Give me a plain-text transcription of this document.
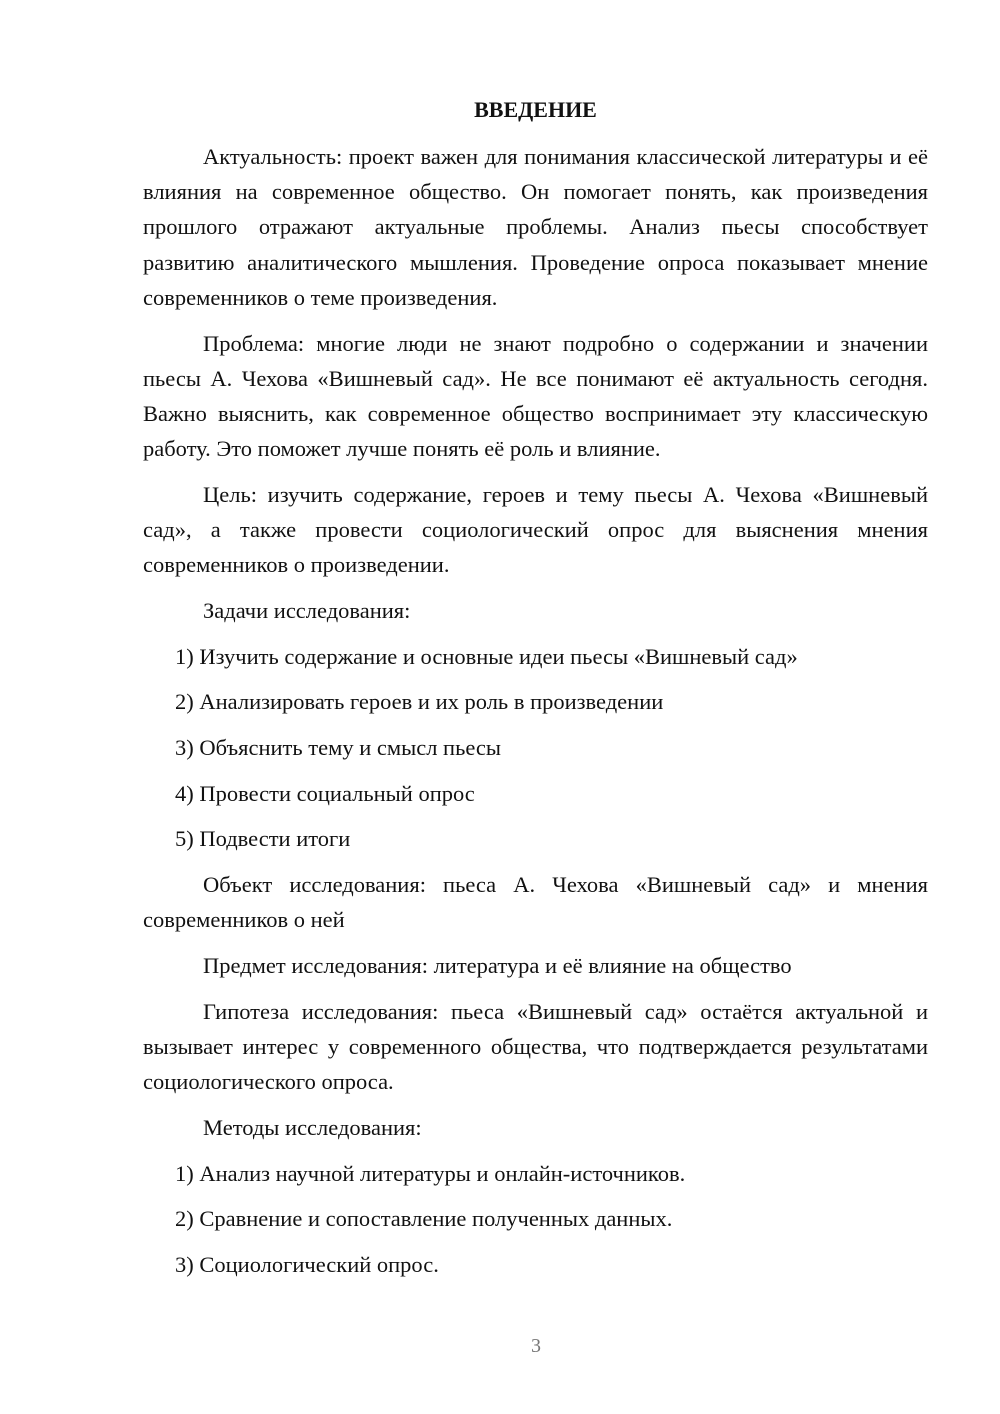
ВВЕДЕНИЕ

Актуальность: проект важен для понимания классической литературы и её влияния на современное общество. Он помогает понять, как произведения прошлого отражают актуальные проблемы. Анализ пьесы способствует развитию аналитического мышления. Проведение опроса показывает мнение современников о теме произведения.

Проблема: многие люди не знают подробно о содержании и значении пьесы А. Чехова «Вишневый сад». Не все понимают её актуальность сегодня. Важно выяснить, как современное общество воспринимает эту классическую работу. Это поможет лучше понять её роль и влияние.

Цель: изучить содержание, героев и тему пьесы А. Чехова «Вишневый сад», а также провести социологический опрос для выяснения мнения современников о произведении.

Задачи исследования:

1) Изучить содержание и основные идеи пьесы «Вишневый сад»

2) Анализировать героев и их роль в произведении

3) Объяснить тему и смысл пьесы

4) Провести социальный опрос

5) Подвести итоги

Объект исследования: пьеса А. Чехова «Вишневый сад» и мнения современников о ней

Предмет исследования: литература и её влияние на общество

Гипотеза исследования: пьеса «Вишневый сад» остаётся актуальной и вызывает интерес у современного общества, что подтверждается результатами социологического опроса.

Методы исследования:

1) Анализ научной литературы и онлайн-источников.

2) Сравнение и сопоставление полученных данных.

3) Социологический опрос.

3
